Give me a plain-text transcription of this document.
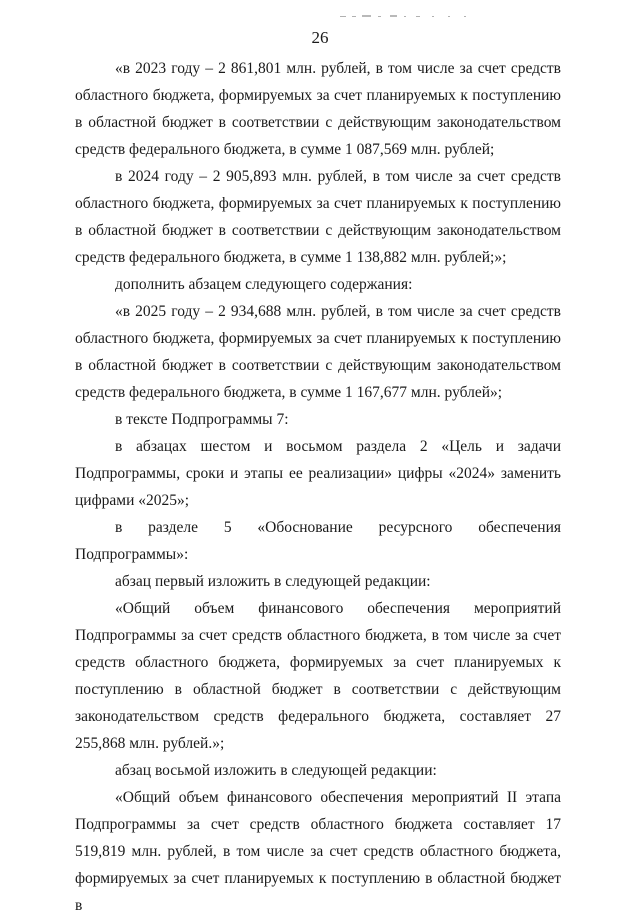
26

«в 2023 году – 2 861,801 млн. рублей, в том числе за счет средств областного бюджета, формируемых за счет планируемых к поступлению в областной бюджет в соответствии с действующим законодательством средств федерального бюджета, в сумме 1 087,569 млн. рублей;

в 2024 году – 2 905,893 млн. рублей, в том числе за счет средств областного бюджета, формируемых за счет планируемых к поступлению в областной бюджет в соответствии с действующим законодательством средств федерального бюджета, в сумме 1 138,882 млн. рублей;»;

дополнить абзацем следующего содержания:

«в 2025 году – 2 934,688 млн. рублей, в том числе за счет средств областного бюджета, формируемых за счет планируемых к поступлению в областной бюджет в соответствии с действующим законодательством средств федерального бюджета, в сумме 1 167,677 млн. рублей»;

в тексте Подпрограммы 7:

в абзацах шестом и восьмом раздела 2 «Цель и задачи Подпрограммы, сроки и этапы ее реализации» цифры «2024» заменить цифрами «2025»;

в разделе 5 «Обоснование ресурсного обеспечения Подпрограммы»:

абзац первый изложить в следующей редакции:

«Общий объем финансового обеспечения мероприятий Подпрограммы за счет средств областного бюджета, в том числе за счет средств областного бюджета, формируемых за счет планируемых к поступлению в областной бюджет в соответствии с действующим законодательством средств федерального бюджета, составляет 27 255,868 млн. рублей.»;

абзац восьмой изложить в следующей редакции:

«Общий объем финансового обеспечения мероприятий II этапа Подпрограммы за счет средств областного бюджета составляет 17 519,819 млн. рублей, в том числе за счет средств областного бюджета, формируемых за счет планируемых к поступлению в областной бюджет в
